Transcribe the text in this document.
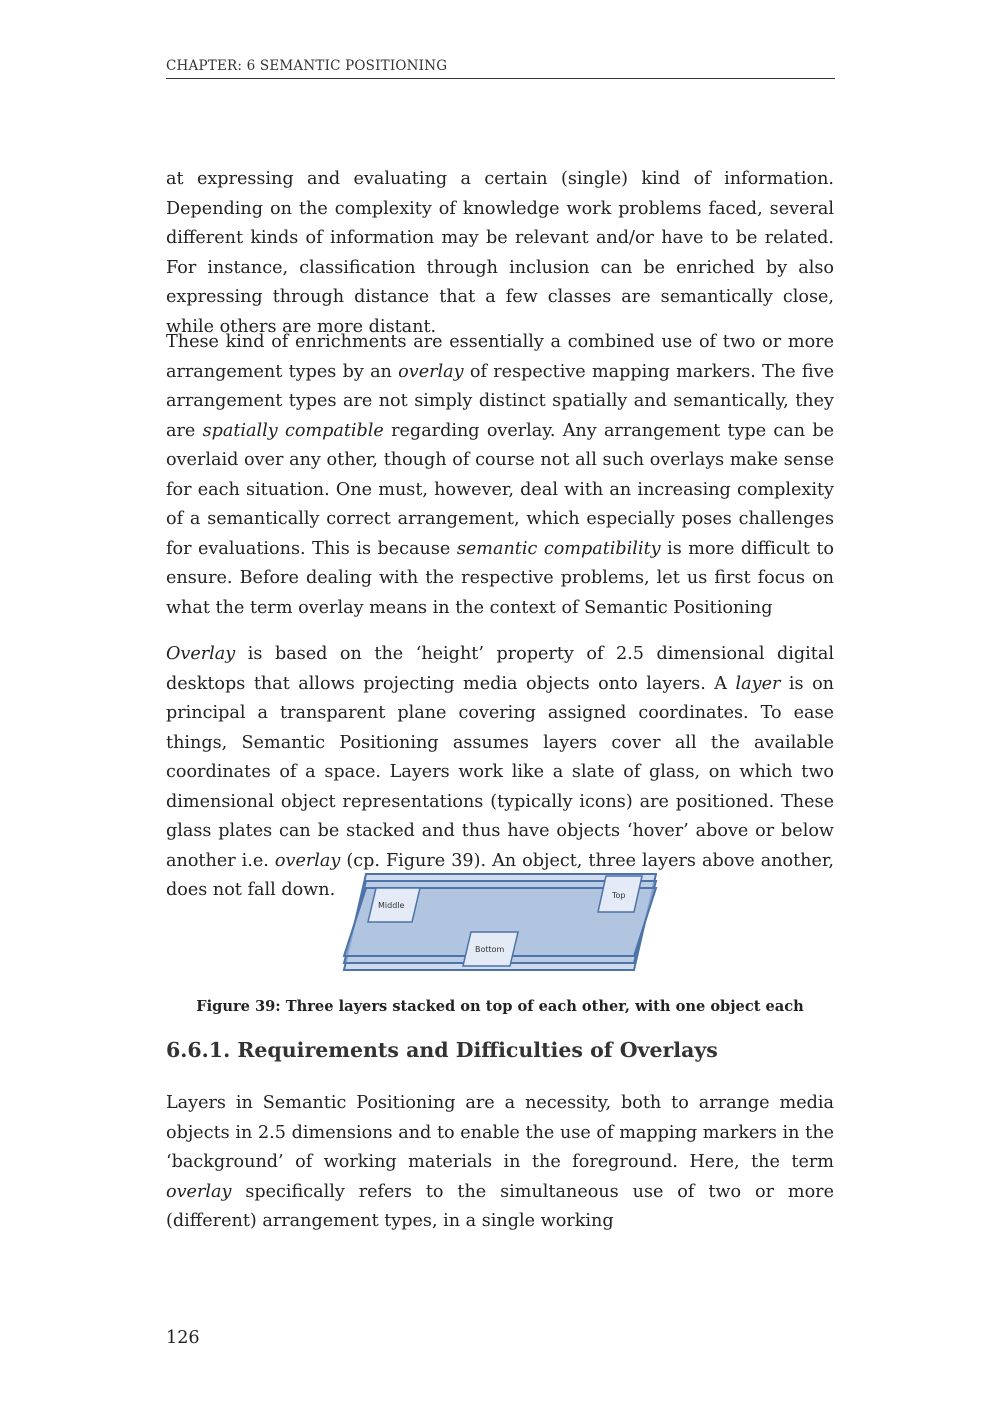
CHAPTER: 6 SEMANTIC POSITIONING

at expressing and evaluating a certain (single) kind of information. Depending on the complexity of knowledge work problems faced, several different kinds of information may be relevant and/or have to be related. For instance, classification through inclusion can be enriched by also expressing through distance that a few classes are semantically close, while others are more distant.

These kind of enrichments are essentially a combined use of two or more arrangement types by an overlay of respective mapping markers. The five arrangement types are not simply distinct spatially and semantically, they are spatially compatible regarding overlay. Any arrangement type can be overlaid over any other, though of course not all such overlays make sense for each situation. One must, however, deal with an increasing complexity of a semantically correct arrangement, which especially poses challenges for evaluations. This is because semantic compatibility is more difficult to ensure. Before dealing with the respective problems, let us first focus on what the term overlay means in the context of Semantic Positioning

Overlay is based on the ‘height’ property of 2.5 dimensional digital desktops that allows projecting media objects onto layers. A layer is on principal a transparent plane covering assigned coordinates. To ease things, Semantic Positioning assumes layers cover all the available coordinates of a space. Layers work like a slate of glass, on which two dimensional object representations (typically icons) are positioned. These glass plates can be stacked and thus have objects ‘hover’ above or below another i.e. overlay (cp. Figure 39). An object, three layers above another, does not fall down.

Middle
Top
Bottom
Figure 39: Three layers stacked on top of each other, with one object each
6.6.1. Requirements and Difficulties of Overlays

Layers in Semantic Positioning are a necessity, both to arrange media objects in 2.5 dimensions and to enable the use of mapping markers in the ‘background’ of working materials in the foreground. Here, the term overlay specifically refers to the simultaneous use of two or more (different) arrangement types, in a single working

126
